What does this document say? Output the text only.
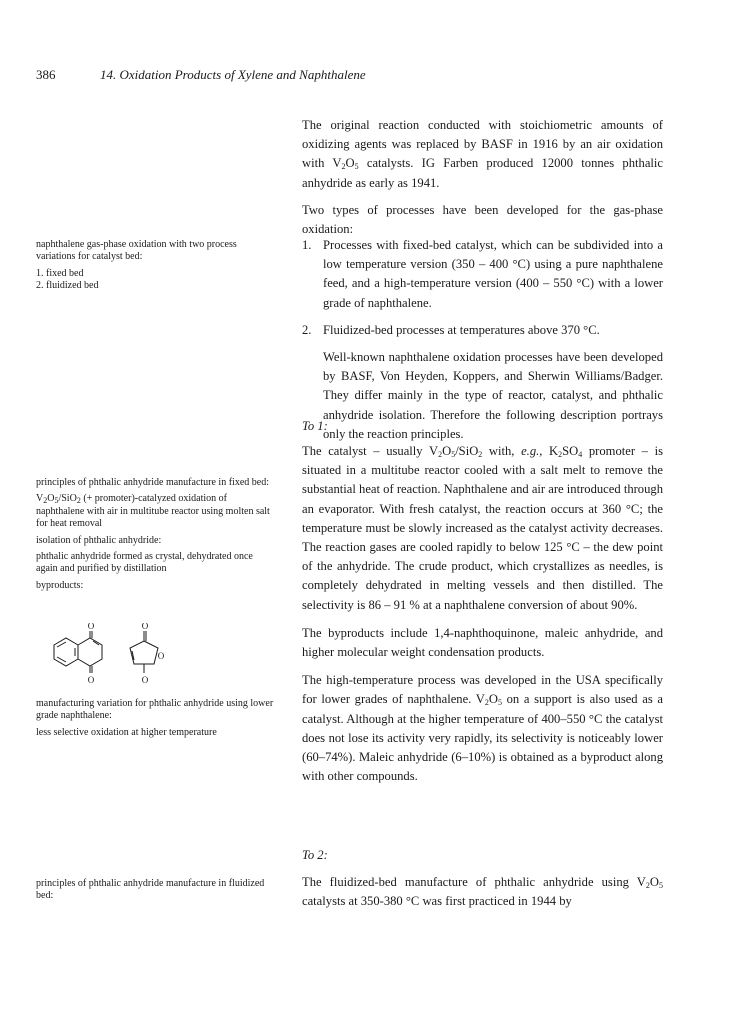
386	14. Oxidation Products of Xylene and Naphthalene

The original reaction conducted with stoichiometric amounts of oxidizing agents was replaced by BASF in 1916 by an air oxidation with $V_2O_5$ catalysts. IG Farben produced 12000 tonnes phthalic anhydride as early as 1941.

Two types of processes have been developed for the gas-phase oxidation:

1. Processes with fixed-bed catalyst, which can be subdivided into a low temperature version (350 – 400 °C) using a pure naphthalene feed, and a high-temperature version (400 – 550 °C) with a lower grade of naphthalene.
2. Fluidized-bed processes at temperatures above 370 °C.
Well-known naphthalene oxidation processes have been developed by BASF, Von Heyden, Koppers, and Sherwin Williams/Badger. They differ mainly in the type of reactor, catalyst, and phthalic anhydride isolation. Therefore the following description portrays only the reaction principles.
To 1:

The catalyst – usually $V_2O_5/SiO_2$ with, e.g., $K_2SO_4$ promoter – is situated in a multitube reactor cooled with a salt melt to remove the substantial heat of reaction. Naphthalene and air are introduced through an evaporator. With fresh catalyst, the reaction occurs at 360 °C; the temperature must be slowly increased as the catalyst activity decreases. The reaction gases are cooled rapidly to below 125 °C – the dew point of the anhydride. The crude product, which crystallizes as needles, is completely dehydrated in melting vessels and then distilled. The selectivity is 86 – 91 % at a naphthalene conversion of about 90%.

The byproducts include 1,4-naphthoquinone, maleic anhydride, and higher molecular weight condensation products.

The high-temperature process was developed in the USA specifically for lower grades of naphthalene. $V_2O_5$ on a support is also used as a catalyst. Although at the higher temperature of 400–550 °C the catalyst does not lose its activity very rapidly, its selectivity is noticeably lower (60–74%). Maleic anhydride (6–10%) is obtained as a byproduct along with other compounds.

To 2:

The fluidized-bed manufacture of phthalic anhydride using $V_2O_5$ catalysts at 350-380 °C was first practiced in 1944 by

naphthalene gas-phase oxidation with two process variations for catalyst bed:

1. fixed bed

2. fluidized bed

principles of phthalic anhydride manufacture in fixed bed:

$V_2O_5/SiO_2$ (+ promoter)-catalyzed oxidation of naphthalene with air in multitube reactor using molten salt for heat removal

isolation of phthalic anhydride:

phthalic anhydride formed as crystal, dehydrated once again and purified by distillation

byproducts:

O
O
O
O
O

manufacturing variation for phthalic anhydride using lower grade naphthalene:

less selective oxidation at higher temperature

principles of phthalic anhydride manufacture in fluidized bed:
